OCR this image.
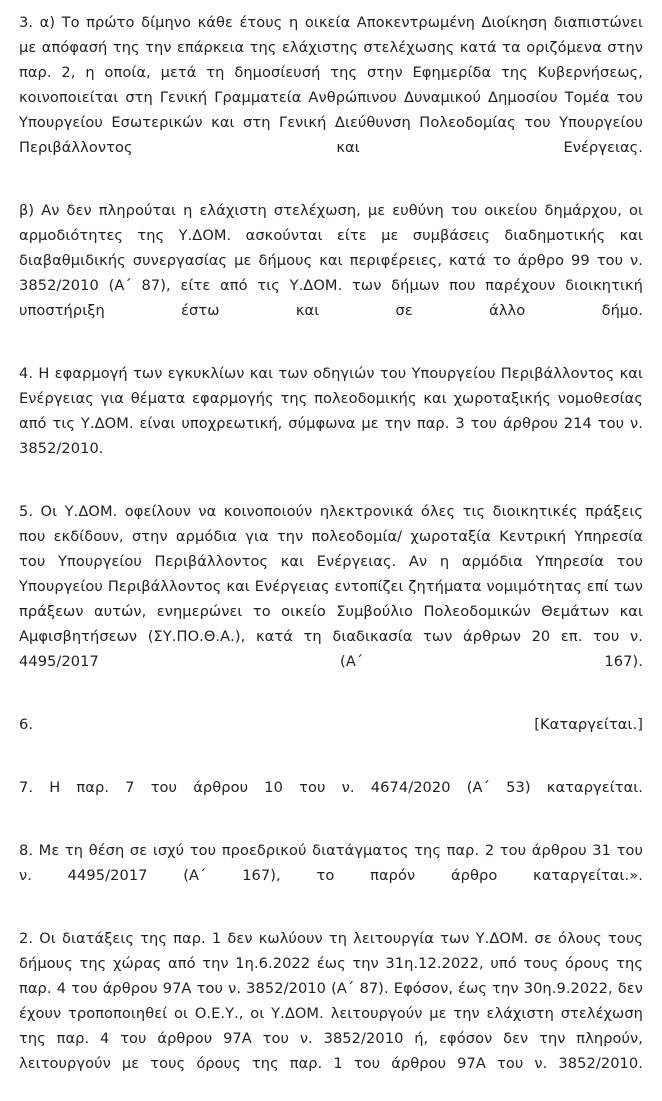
3. α) Το πρώτο δίμηνο κάθε έτους η οικεία Αποκεντρωμένη Διοίκηση διαπιστώνει με απόφασή της την επάρκεια της ελάχιστης στελέχωσης κατά τα οριζόμενα στην παρ. 2, η οποία, μετά τη δημοσίευσή της στην Εφημερίδα της Κυβερνήσεως, κοινοποιείται στη Γενική Γραμματεία Ανθρώπινου Δυναμικού Δημοσίου Τομέα του Υπουργείου Εσωτερικών και στη Γενική Διεύθυνση Πολεοδομίας του Υπουργείου Περιβάλλοντος και Ενέργειας.

β) Αν δεν πληρούται η ελάχιστη στελέχωση, με ευθύνη του οικείου δημάρχου, οι αρμοδιότητες της Υ.ΔΟΜ. ασκούνται είτε με συμβάσεις διαδημοτικής και διαβαθμιδικής συνεργασίας με δήμους και περιφέρειες, κατά το άρθρο 99 του ν. 3852/2010 (Α΄ 87), είτε από τις Υ.ΔΟΜ. των δήμων που παρέχουν διοικητική υποστήριξη έστω και σε άλλο δήμο.

4. Η εφαρμογή των εγκυκλίων και των οδηγιών του Υπουργείου Περιβάλλοντος και Ενέργειας για θέματα εφαρμογής της πολεοδομικής και χωροταξικής νομοθεσίας από τις Υ.ΔΟΜ. είναι υποχρεωτική, σύμφωνα με την παρ. 3 του άρθρου 214 του ν. 3852/2010.

5. Οι Υ.ΔΟΜ. οφείλουν να κοινοποιούν ηλεκτρονικά όλες τις διοικητικές πράξεις που εκδίδουν, στην αρμόδια για την πολεοδομία/ χωροταξία Κεντρική Υπηρεσία του Υπουργείου Περιβάλλοντος και Ενέργειας. Αν η αρμόδια Υπηρεσία του Υπουργείου Περιβάλλοντος και Ενέργειας εντοπίζει ζητήματα νομιμότητας επί των πράξεων αυτών, ενημερώνει το οικείο Συμβούλιο Πολεοδομικών Θεμάτων και Αμφισβητήσεων (ΣΥ.ΠΟ.Θ.Α.), κατά τη διαδικασία των άρθρων 20 επ. του ν. 4495/2017 (Α΄ 167).

6. [Καταργείται.]

7. Η παρ. 7 του άρθρου 10 του ν. 4674/2020 (Α΄ 53) καταργείται.

8. Με τη θέση σε ισχύ του προεδρικού διατάγματος της παρ. 2 του άρθρου 31 του ν. 4495/2017 (Α΄ 167), το παρόν άρθρο καταργείται.».

2. Οι διατάξεις της παρ. 1 δεν κωλύουν τη λειτουργία των Υ.ΔΟΜ. σε όλους τους δήμους της χώρας από την 1η.6.2022 έως την 31η.12.2022, υπό τους όρους της παρ. 4 του άρθρου 97Α του ν. 3852/2010 (Α΄ 87). Εφόσον, έως την 30η.9.2022, δεν έχουν τροποποιηθεί οι Ο.Ε.Υ., οι Υ.ΔΟΜ. λειτουργούν με την ελάχιστη στελέχωση της παρ. 4 του άρθρου 97Α του ν. 3852/2010 ή, εφόσον δεν την πληρούν, λειτουργούν με τους όρους της παρ. 1 του άρθρου 97Α του ν. 3852/2010.
